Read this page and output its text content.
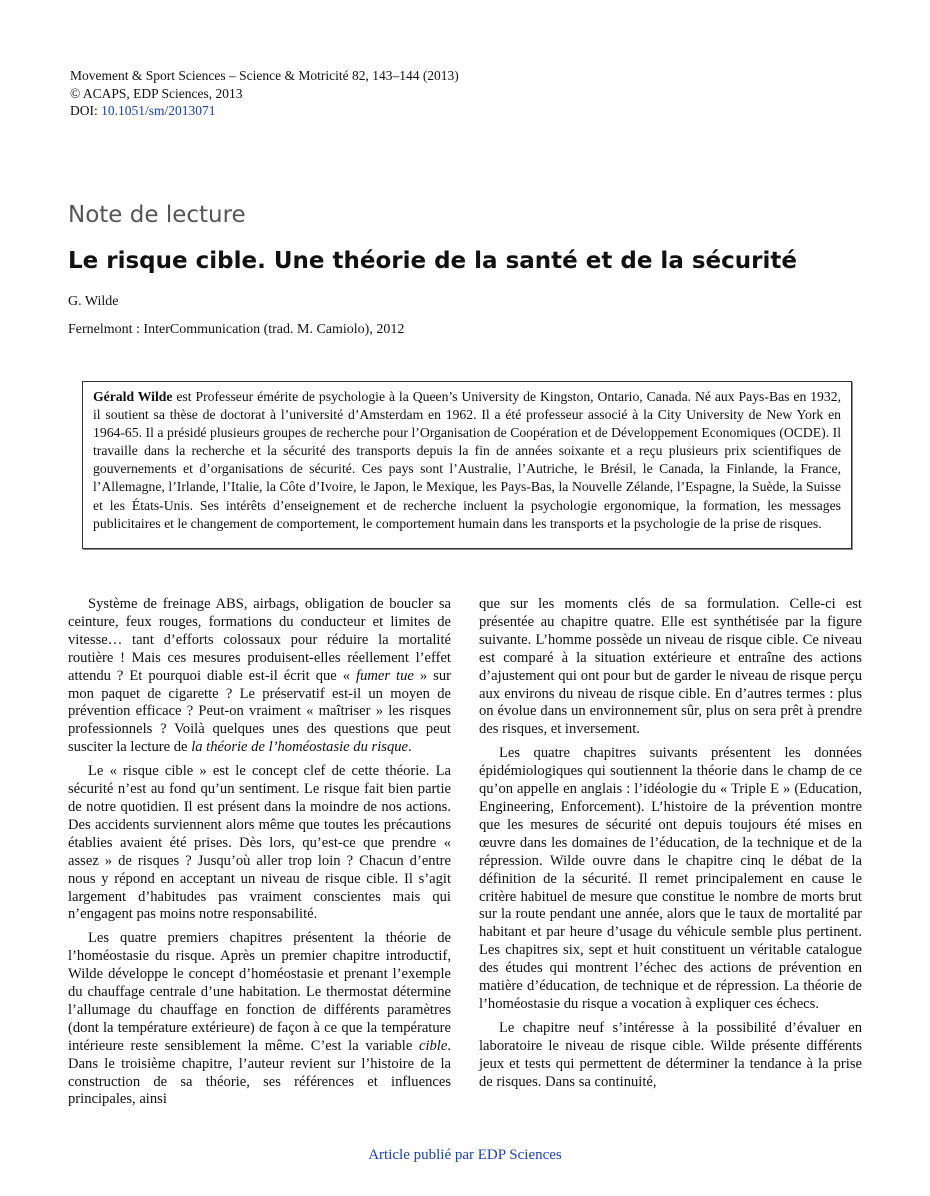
Movement & Sport Sciences – Science & Motricité 82, 143–144 (2013)
© ACAPS, EDP Sciences, 2013
DOI: 10.1051/sm/2013071
Note de lecture
Le risque cible. Une théorie de la santé et de la sécurité
G. Wilde
Fernelmont : InterCommunication (trad. M. Camiolo), 2012
Gérald Wilde est Professeur émérite de psychologie à la Queen’s University de Kingston, Ontario, Canada. Né aux Pays-Bas en 1932, il soutient sa thèse de doctorat à l’université d’Amsterdam en 1962. Il a été professeur associé à la City University de New York en 1964-65. Il a présidé plusieurs groupes de recherche pour l’Organisation de Coopération et de Développement Economiques (OCDE). Il travaille dans la recherche et la sécurité des transports depuis la fin de années soixante et a reçu plusieurs prix scientifiques de gouvernements et d’organisations de sécurité. Ces pays sont l’Australie, l’Autriche, le Brésil, le Canada, la Finlande, la France, l’Allemagne, l’Irlande, l’Italie, la Côte d’Ivoire, le Japon, le Mexique, les Pays-Bas, la Nouvelle Zélande, l’Espagne, la Suède, la Suisse et les États-Unis. Ses intérêts d’enseignement et de recherche incluent la psychologie ergonomique, la formation, les messages publicitaires et le changement de comportement, le comportement humain dans les transports et la psychologie de la prise de risques.

Système de freinage ABS, airbags, obligation de boucler sa ceinture, feux rouges, formations du conducteur et limites de vitesse… tant d’efforts colossaux pour réduire la mortalité routière ! Mais ces mesures produisent-elles réellement l’effet attendu ? Et pourquoi diable est-il écrit que « fumer tue » sur mon paquet de cigarette ? Le préservatif est-il un moyen de prévention efficace ? Peut-on vraiment « maîtriser » les risques professionnels ? Voilà quelques unes des questions que peut susciter la lecture de la théorie de l’homéostasie du risque.

Le « risque cible » est le concept clef de cette théorie. La sécurité n’est au fond qu’un sentiment. Le risque fait bien partie de notre quotidien. Il est présent dans la moindre de nos actions. Des accidents surviennent alors même que toutes les précautions établies avaient été prises. Dès lors, qu’est-ce que prendre « assez » de risques ? Jusqu’où aller trop loin ? Chacun d’entre nous y répond en acceptant un niveau de risque cible. Il s’agit largement d’habitudes pas vraiment conscientes mais qui n’engagent pas moins notre responsabilité.

Les quatre premiers chapitres présentent la théorie de l’homéostasie du risque. Après un premier chapitre introductif, Wilde développe le concept d’homéostasie et prenant l’exemple du chauffage centrale d’une habitation. Le thermostat détermine l’allumage du chauffage en fonction de différents paramètres (dont la température extérieure) de façon à ce que la température intérieure reste sensiblement la même. C’est la variable cible. Dans le troisième chapitre, l’auteur revient sur l’histoire de la construction de sa théorie, ses références et influences principales, ainsi

que sur les moments clés de sa formulation. Celle-ci est présentée au chapitre quatre. Elle est synthétisée par la figure suivante. L’homme possède un niveau de risque cible. Ce niveau est comparé à la situation extérieure et entraîne des actions d’ajustement qui ont pour but de garder le niveau de risque perçu aux environs du niveau de risque cible. En d’autres termes : plus on évolue dans un environnement sûr, plus on sera prêt à prendre des risques, et inversement.

Les quatre chapitres suivants présentent les données épidémiologiques qui soutiennent la théorie dans le champ de ce qu’on appelle en anglais : l’idéologie du « Triple E » (Education, Engineering, Enforcement). L’histoire de la prévention montre que les mesures de sécurité ont depuis toujours été mises en œuvre dans les domaines de l’éducation, de la technique et de la répression. Wilde ouvre dans le chapitre cinq le débat de la définition de la sécurité. Il remet principalement en cause le critère habituel de mesure que constitue le nombre de morts brut sur la route pendant une année, alors que le taux de mortalité par habitant et par heure d’usage du véhicule semble plus pertinent. Les chapitres six, sept et huit constituent un véritable catalogue des études qui montrent l’échec des actions de prévention en matière d’éducation, de technique et de répression. La théorie de l’homéostasie du risque a vocation à expliquer ces échecs.

Le chapitre neuf s’intéresse à la possibilité d’évaluer en laboratoire le niveau de risque cible. Wilde présente différents jeux et tests qui permettent de déterminer la tendance à la prise de risques. Dans sa continuité,

Article publié par EDP Sciences
